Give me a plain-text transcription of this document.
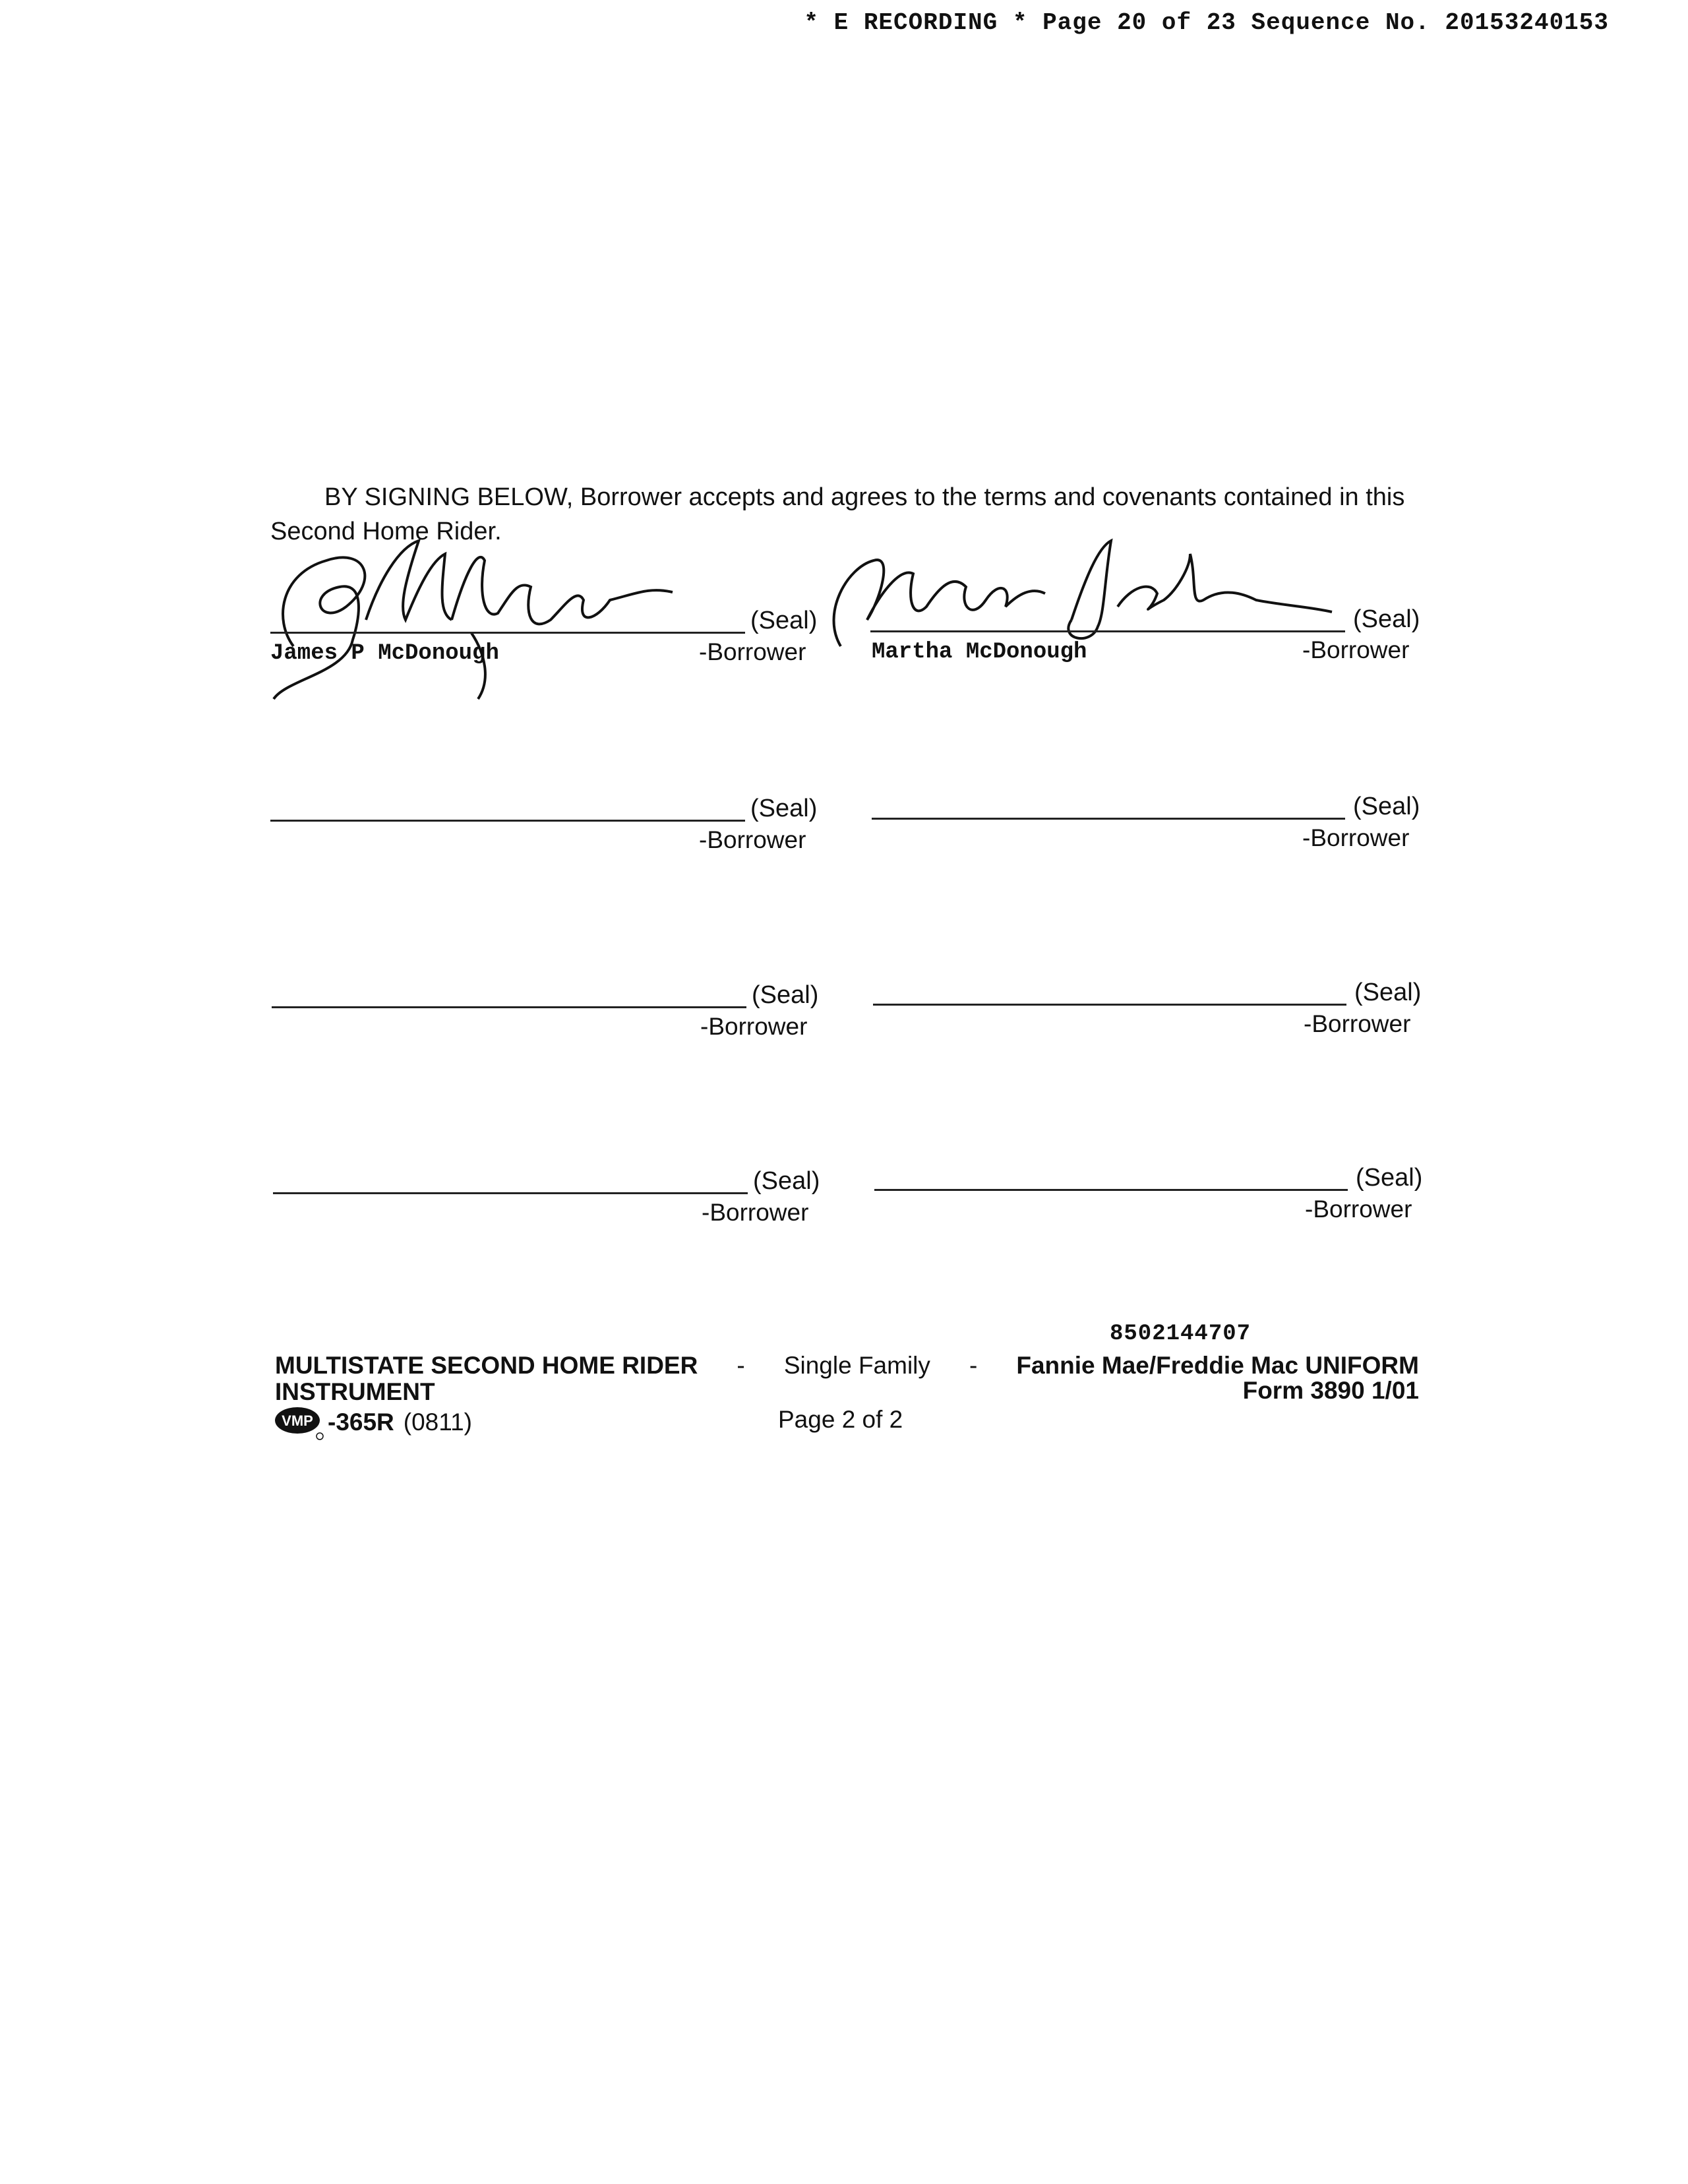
* E RECORDING * Page 20 of 23 Sequence No. 20153240153
BY SIGNING BELOW, Borrower accepts and agrees to the terms and covenants contained in this Second Home Rider.
(Seal)
-Borrower
James P McDonough
(Seal)
-Borrower
Martha McDonough
(Seal)
-Borrower
(Seal)
-Borrower
(Seal)
-Borrower
(Seal)
-Borrower
(Seal)
-Borrower
(Seal)
-Borrower
8502144707
MULTISTATE SECOND HOME RIDER - Single Family - Fannie Mae/Freddie Mac UNIFORM
INSTRUMENT	Form 3890 1/01
VMP -365R (0811)	Page 2 of 2
